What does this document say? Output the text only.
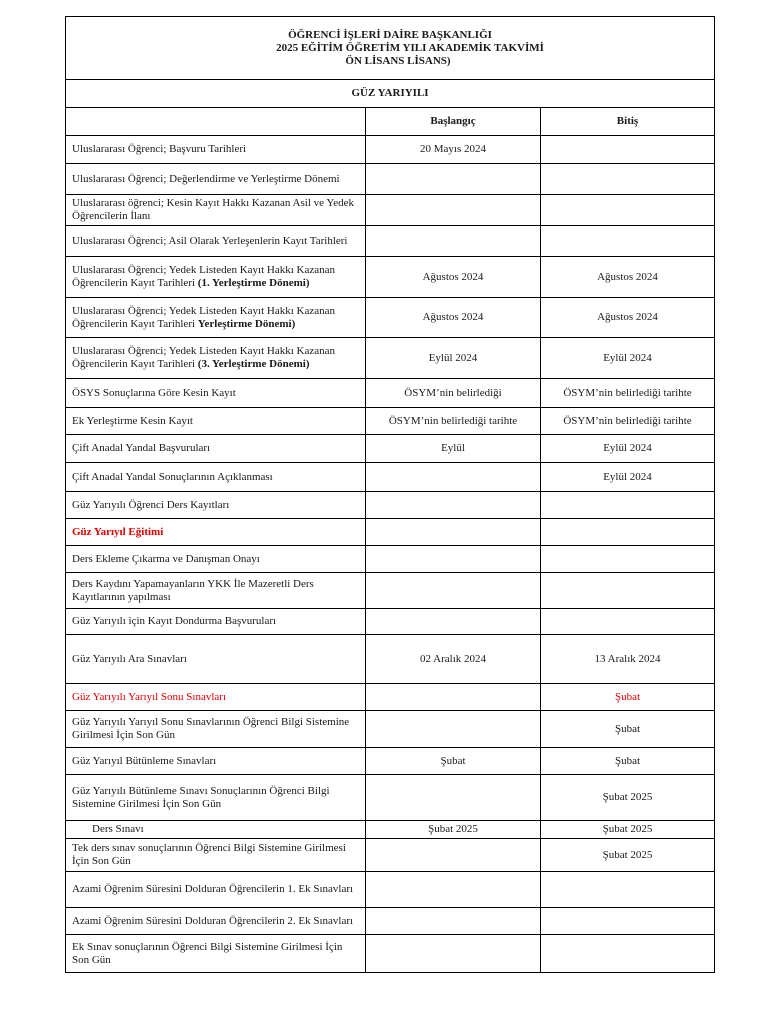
ÖĞRENCİ İŞLERİ DAİRE BAŞKANLIĞI
2025 EĞİTİM ÖĞRETİM YILI AKADEMİK TAKVİMİ
ÖN LİSANS LİSANS)		

GÜZ YARIYILI		
	Başlangıç	Bitiş
Uluslararası Öğrenci; Başvuru Tarihleri	20 Mayıs 2024	
Uluslararası Öğrenci; Değerlendirme ve Yerleştirme Dönemi		
Uluslararası öğrenci; Kesin Kayıt Hakkı Kazanan Asil ve Yedek Öğrencilerin İlanı		
Uluslararası Öğrenci; Asil Olarak Yerleşenlerin Kayıt Tarihleri		
Uluslararası Öğrenci; Yedek Listeden Kayıt Hakkı Kazanan Öğrencilerin Kayıt Tarihleri (1. Yerleştirme Dönemi)	Ağustos 2024	Ağustos 2024
Uluslararası Öğrenci; Yedek Listeden Kayıt Hakkı Kazanan Öğrencilerin Kayıt Tarihleri Yerleştirme Dönemi)	Ağustos 2024	Ağustos 2024
Uluslararası Öğrenci; Yedek Listeden Kayıt Hakkı Kazanan Öğrencilerin Kayıt Tarihleri (3. Yerleştirme Dönemi)	Eylül 2024	Eylül 2024
ÖSYS Sonuçlarına Göre Kesin Kayıt	ÖSYM’nin belirlediği	ÖSYM’nin belirlediği tarihte
Ek Yerleştirme Kesin Kayıt	ÖSYM’nin belirlediği tarihte	ÖSYM’nin belirlediği tarihte
Çift Anadal Yandal Başvuruları	Eylül	Eylül 2024
Çift Anadal Yandal Sonuçlarının Açıklanması		Eylül 2024
Güz Yarıyılı Öğrenci Ders Kayıtları		
Güz Yarıyıl Eğitimi		
Ders Ekleme Çıkarma ve Danışman Onayı		
Ders Kaydını Yapamayanların YKK İle Mazeretli Ders Kayıtlarının yapılması		
Güz Yarıyılı için Kayıt Dondurma Başvuruları		
Güz Yarıyılı Ara Sınavları	02 Aralık 2024	13 Aralık 2024
Güz Yarıyılı Yarıyıl Sonu Sınavları		Şubat
Güz Yarıyılı Yarıyıl Sonu Sınavlarının Öğrenci Bilgi Sistemine Girilmesi İçin Son Gün		Şubat
Güz Yarıyıl Bütünleme Sınavları	Şubat	Şubat
Güz Yarıyılı Bütünleme Sınavı Sonuçlarının Öğrenci Bilgi Sistemine Girilmesi İçin Son Gün		Şubat 2025
Ders Sınavı	Şubat 2025	Şubat 2025
Tek ders sınav sonuçlarının Öğrenci Bilgi Sistemine Girilmesi İçin Son Gün		Şubat 2025
Azami Öğrenim Süresini Dolduran Öğrencilerin 1. Ek Sınavları		
Azami Öğrenim Süresini Dolduran Öğrencilerin 2. Ek Sınavları		
Ek Sınav sonuçlarının Öğrenci Bilgi Sistemine Girilmesi İçin Son Gün		
